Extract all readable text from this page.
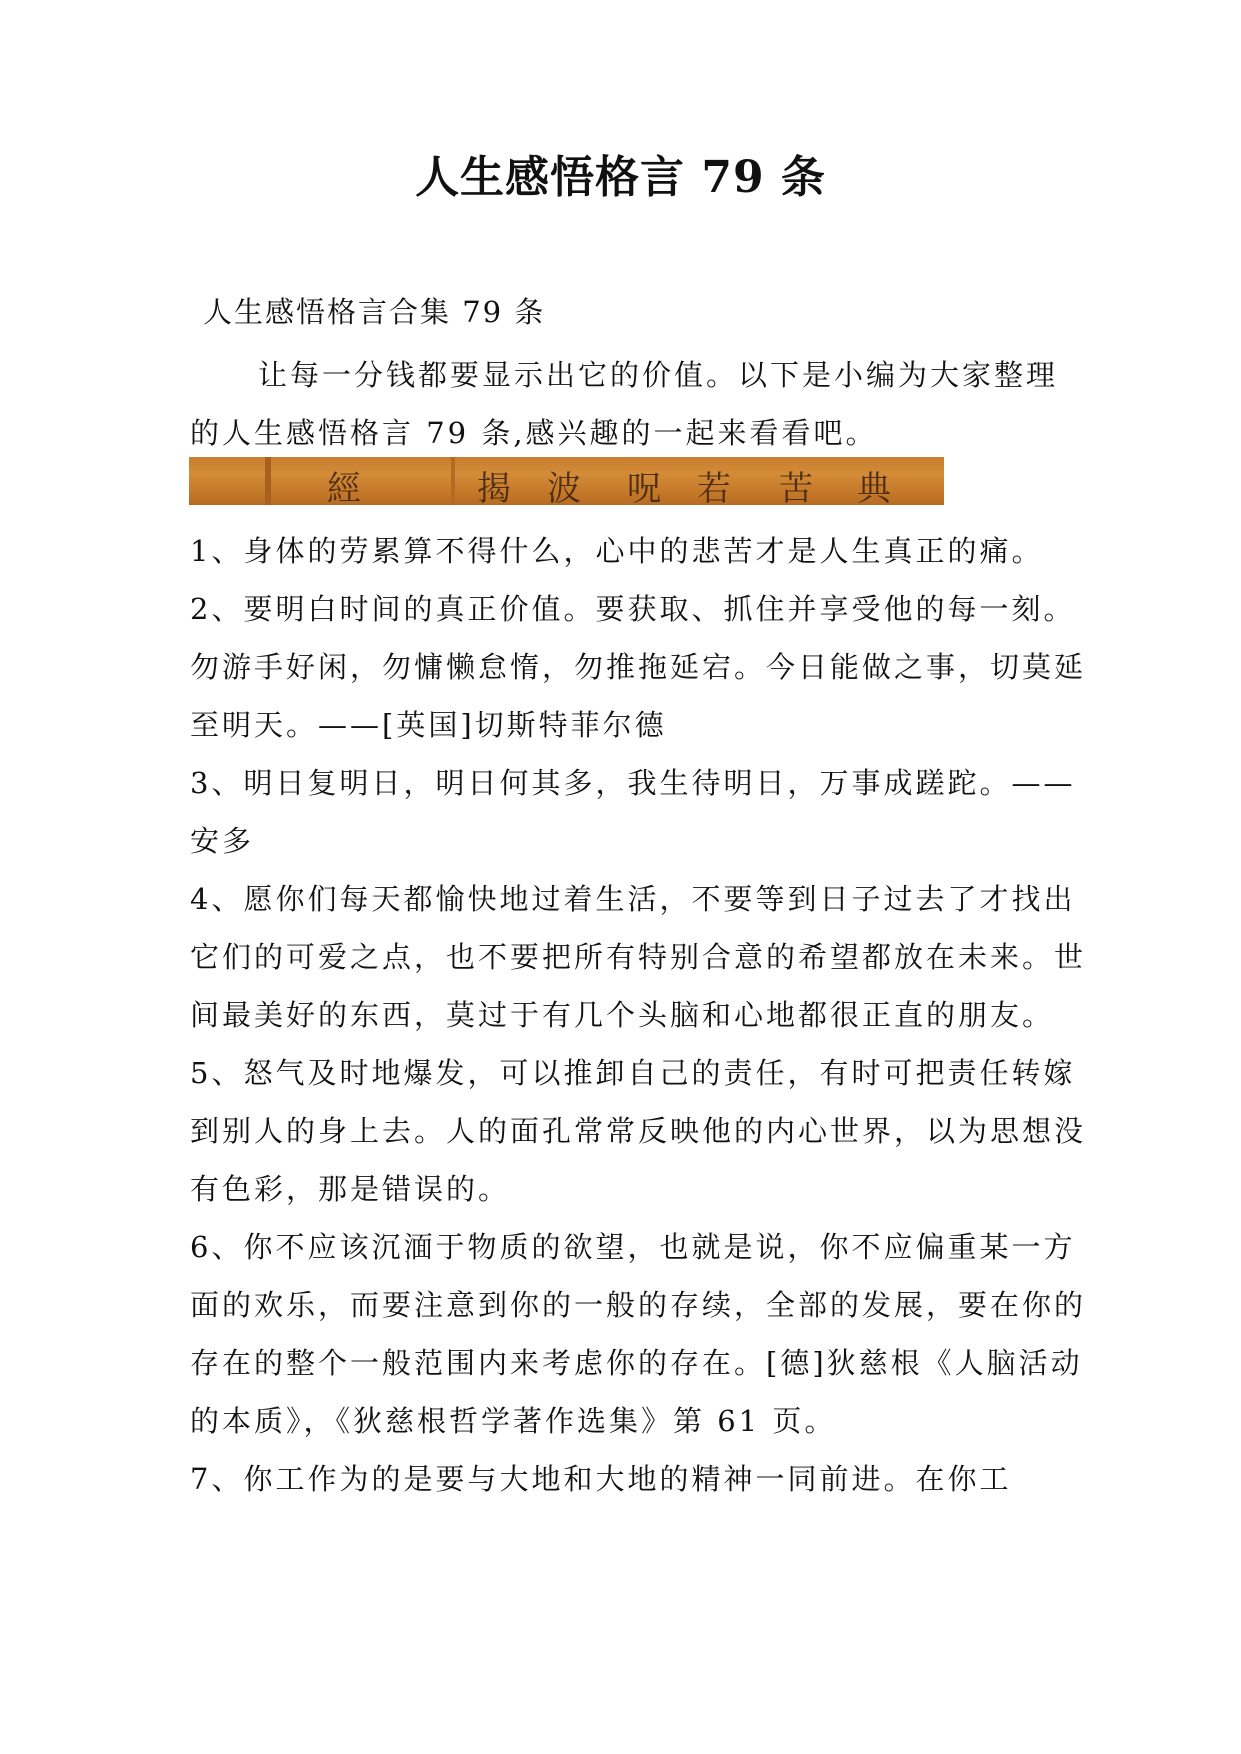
人生感悟格言 79 条
人生感悟格言合集 79 条
让每一分钱都要显示出它的价值。以下是小编为大家整理的人生感悟格言 79 条,感兴趣的一起来看看吧。
經	揭 波 呪 若 苦 典

1、身体的劳累算不得什么，心中的悲苦才是人生真正的痛。

2、要明白时间的真正价值。要获取、抓住并享受他的每一刻。勿游手好闲，勿慵懒怠惰，勿推拖延宕。今日能做之事，切莫延至明天。——[英国]切斯特菲尔德

3、明日复明日，明日何其多，我生待明日，万事成蹉跎。——安多

4、愿你们每天都愉快地过着生活，不要等到日子过去了才找出它们的可爱之点，也不要把所有特别合意的希望都放在未来。世间最美好的东西，莫过于有几个头脑和心地都很正直的朋友。

5、怒气及时地爆发，可以推卸自己的责任，有时可把责任转嫁到别人的身上去。人的面孔常常反映他的内心世界，以为思想没有色彩，那是错误的。

6、你不应该沉湎于物质的欲望，也就是说，你不应偏重某一方面的欢乐，而要注意到你的一般的存续，全部的发展，要在你的存在的整个一般范围内来考虑你的存在。[德]狄慈根《人脑活动的本质》，《狄慈根哲学著作选集》第 61 页。

7、你工作为的是要与大地和大地的精神一同前进。在你工
